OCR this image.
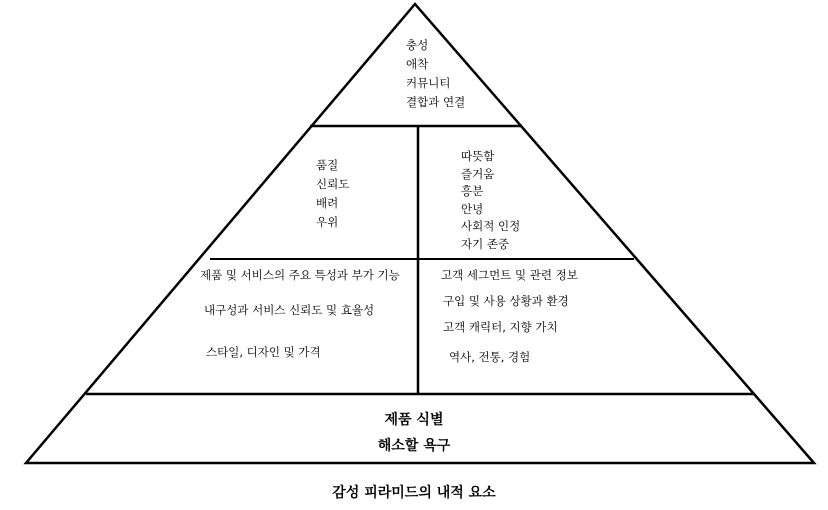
충성
애착
커뮤니티
결합과 연결
품질
신뢰도
배려
우위
따뜻함
즐거움
흥분
안녕
사회적 인정
자기 존중
제품 및 서비스의 주요 특성과 부가 기능
내구성과 서비스 신뢰도 및 효율성
스타일, 디자인 및 가격
고객 세그먼트 및 관련 정보
구입 및 사용 상황과 환경
고객 캐릭터, 지향 가치
역사, 전통, 경험
제품 식별
해소할 욕구
감성 피라미드의 내적 요소
